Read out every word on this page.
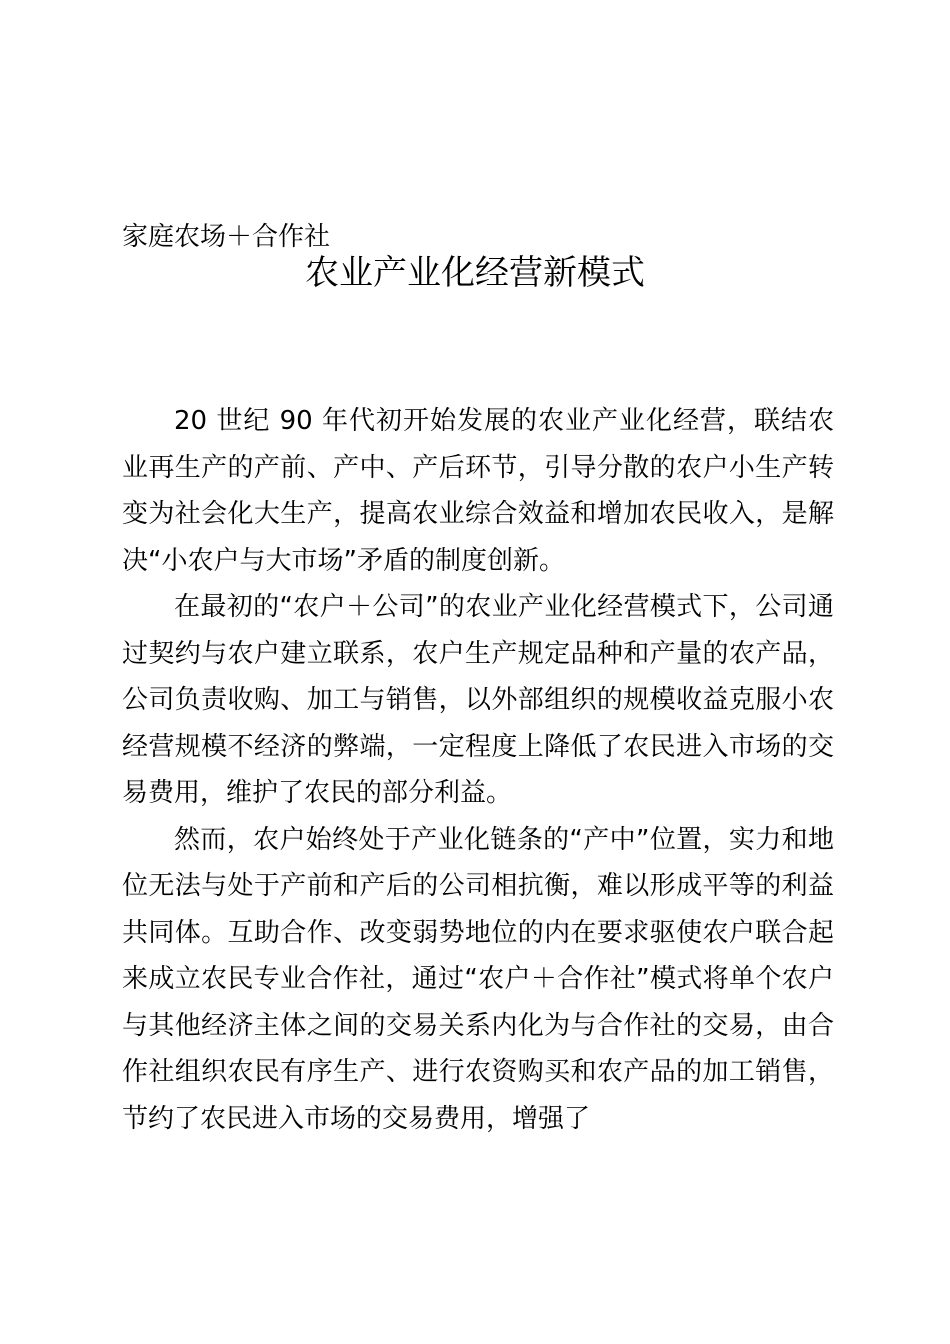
家庭农场＋合作社
农业产业化经营新模式

20 世纪 90 年代初开始发展的农业产业化经营，联结农业再生产的产前、产中、产后环节，引导分散的农户小生产转变为社会化大生产，提高农业综合效益和增加农民收入，是解决“小农户与大市场”矛盾的制度创新。

在最初的“农户＋公司”的农业产业化经营模式下，公司通过契约与农户建立联系，农户生产规定品种和产量的农产品，公司负责收购、加工与销售，以外部组织的规模收益克服小农经营规模不经济的弊端，一定程度上降低了农民进入市场的交易费用，维护了农民的部分利益。

然而，农户始终处于产业化链条的“产中”位置，实力和地位无法与处于产前和产后的公司相抗衡，难以形成平等的利益共同体。互助合作、改变弱势地位的内在要求驱使农户联合起来成立农民专业合作社，通过“农户＋合作社”模式将单个农户与其他经济主体之间的交易关系内化为与合作社的交易，由合作社组织农民有序生产、进行农资购买和农产品的加工销售，节约了农民进入市场的交易费用，增强了
